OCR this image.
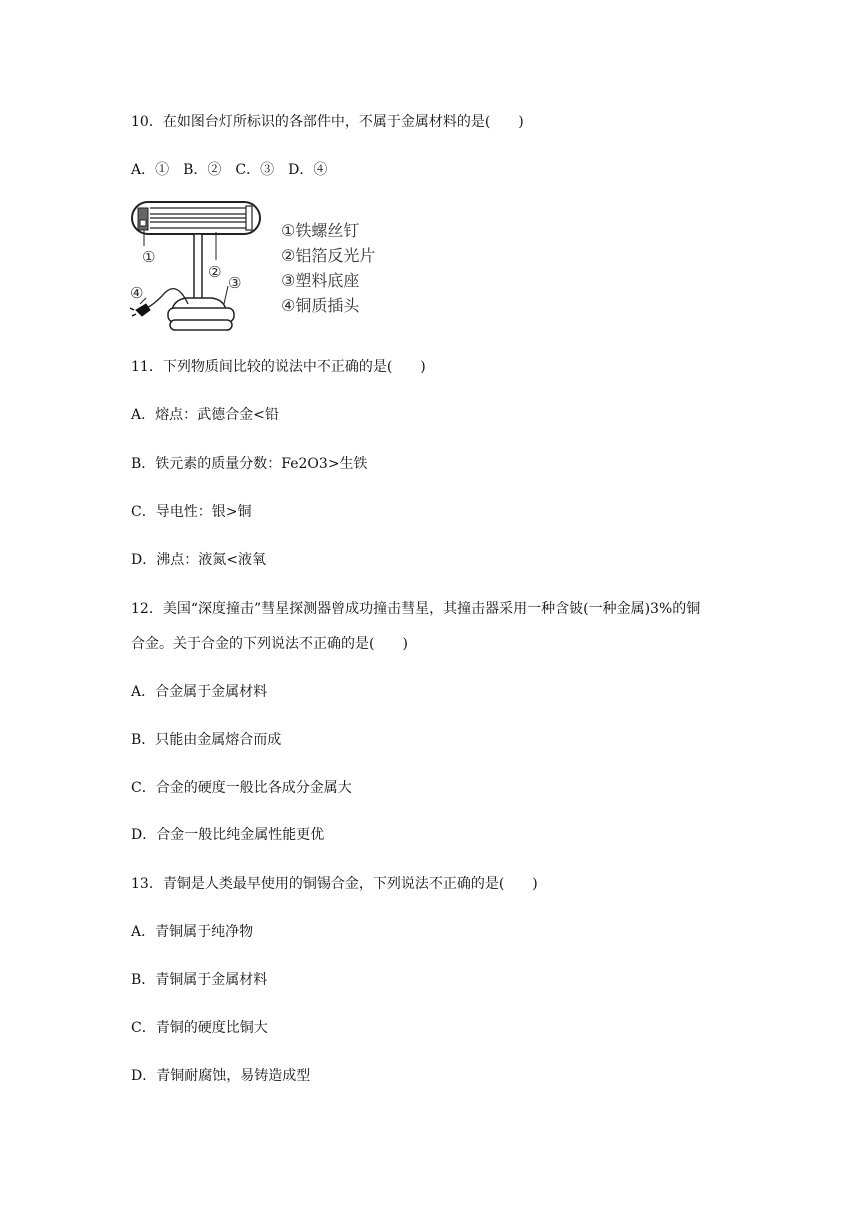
10．在如图台灯所标识的各部件中，不属于金属材料的是(　　)
A．①　B．②　C．③　D．④
①
②
③
④
①铁螺丝钉
②铝箔反光片
③塑料底座
④铜质插头
11．下列物质间比较的说法中不正确的是(　　)
A．熔点：武德合金<铅
B．铁元素的质量分数：Fe2O3>生铁
C．导电性：银>铜
D．沸点：液氮<液氧
12．美国“深度撞击”彗星探测器曾成功撞击彗星，其撞击器采用一种含铍(一种金属)3%的铜
合金。关于合金的下列说法不正确的是(　　)
A．合金属于金属材料
B．只能由金属熔合而成
C．合金的硬度一般比各成分金属大
D．合金一般比纯金属性能更优
13．青铜是人类最早使用的铜锡合金，下列说法不正确的是(　　)
A．青铜属于纯净物
B．青铜属于金属材料
C．青铜的硬度比铜大
D．青铜耐腐蚀，易铸造成型
